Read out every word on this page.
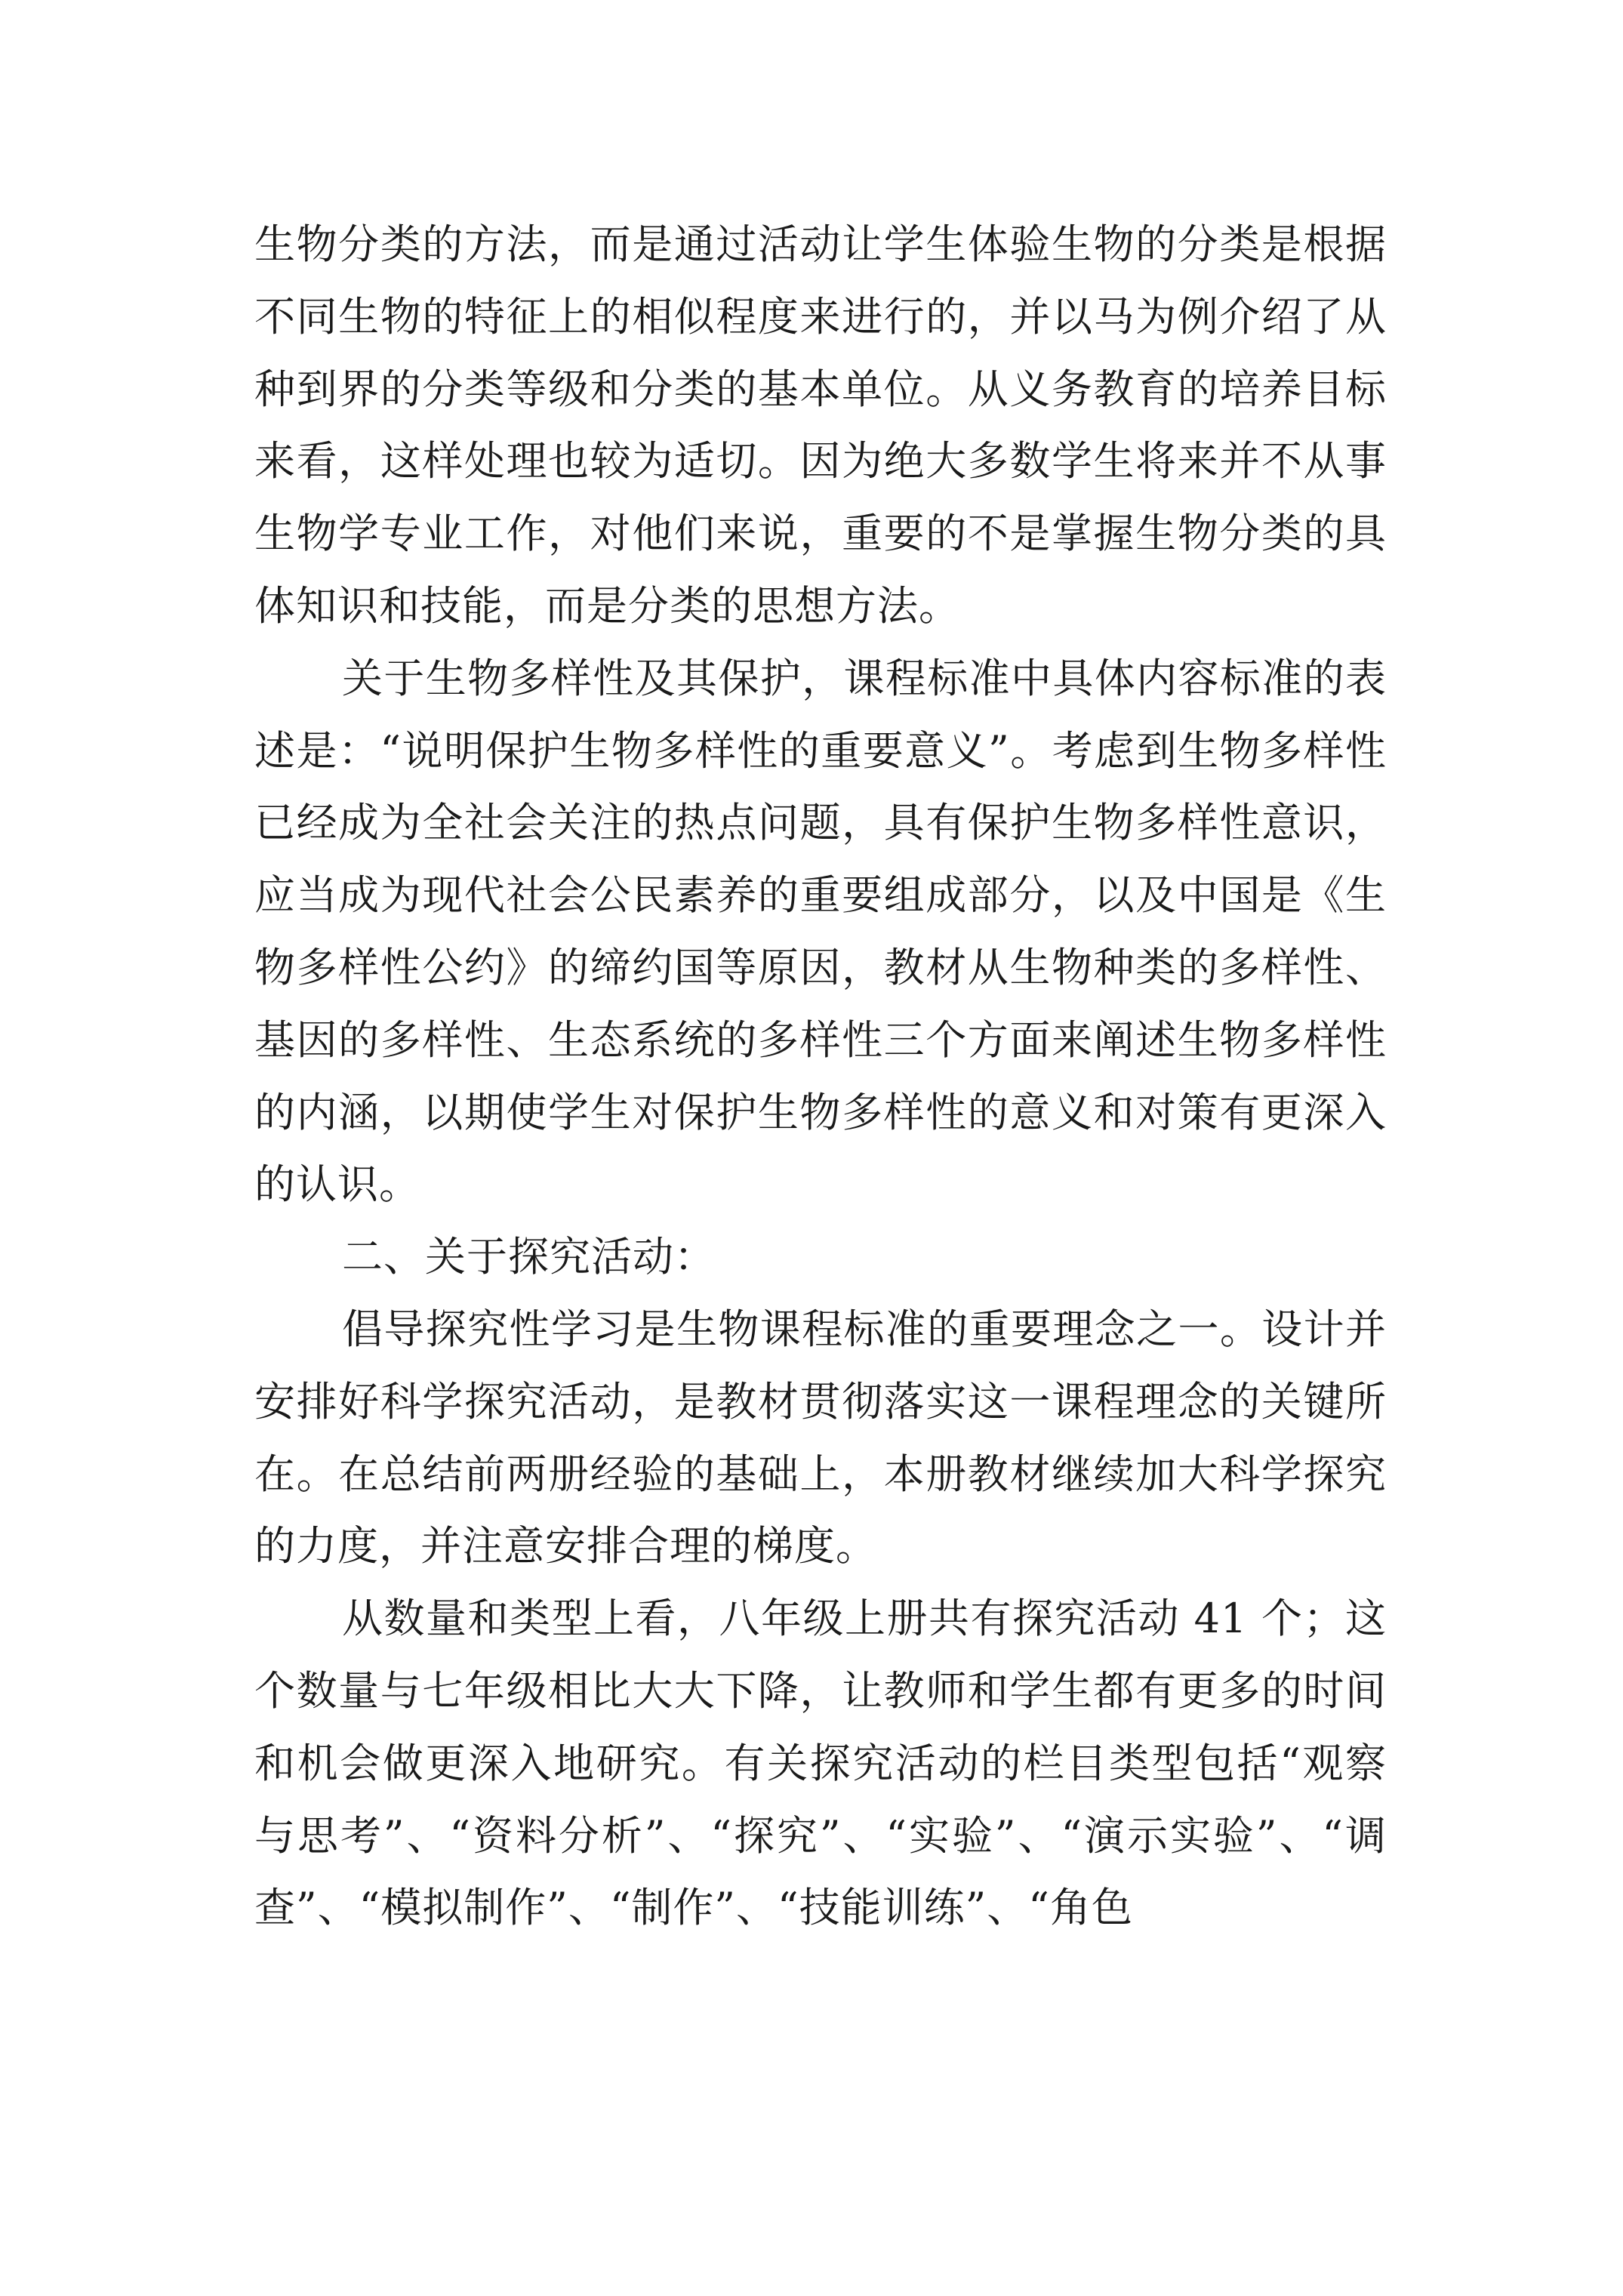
生物分类的方法，而是通过活动让学生体验生物的分类是根据不同生物的特征上的相似程度来进行的，并以马为例介绍了从种到界的分类等级和分类的基本单位。从义务教育的培养目标来看，这样处理也较为适切。因为绝大多数学生将来并不从事生物学专业工作，对他们来说，重要的不是掌握生物分类的具体知识和技能，而是分类的思想方法。

关于生物多样性及其保护，课程标准中具体内容标准的表述是：“说明保护生物多样性的重要意义”。考虑到生物多样性已经成为全社会关注的热点问题，具有保护生物多样性意识，应当成为现代社会公民素养的重要组成部分，以及中国是《生物多样性公约》的缔约国等原因，教材从生物种类的多样性、基因的多样性、生态系统的多样性三个方面来阐述生物多样性的内涵，以期使学生对保护生物多样性的意义和对策有更深入的认识。

二、关于探究活动：

倡导探究性学习是生物课程标准的重要理念之一。设计并安排好科学探究活动，是教材贯彻落实这一课程理念的关键所在。在总结前两册经验的基础上，本册教材继续加大科学探究的力度，并注意安排合理的梯度。

从数量和类型上看，八年级上册共有探究活动 41 个；这个数量与七年级相比大大下降，让教师和学生都有更多的时间和机会做更深入地研究。有关探究活动的栏目类型包括“观察与思考”、“资料分析”、“探究”、“实验”、“演示实验”、“调查”、“模拟制作”、“制作”、“技能训练”、“角色
